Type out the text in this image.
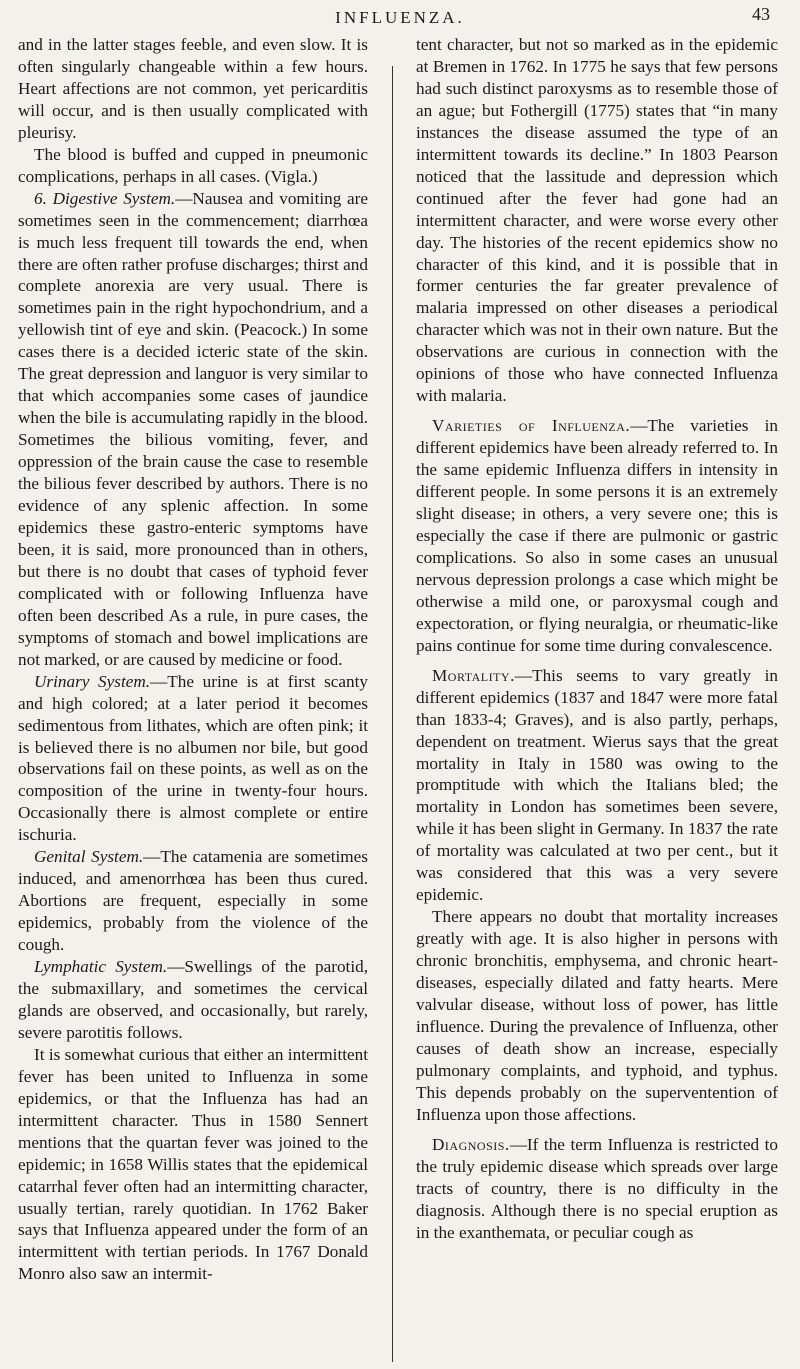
INFLUENZA.	43

and in the latter stages feeble, and even slow. It is often singularly changeable within a few hours. Heart affections are not common, yet pericarditis will occur, and is then usually complicated with pleurisy.

The blood is buffed and cupped in pneumonic complications, perhaps in all cases. (Vigla.)

6. Digestive System.—Nausea and vomiting are sometimes seen in the commencement; diarrhœa is much less frequent till towards the end, when there are often rather profuse discharges; thirst and complete anorexia are very usual. There is sometimes pain in the right hypochondrium, and a yellowish tint of eye and skin. (Peacock.) In some cases there is a decided icteric state of the skin. The great depression and languor is very similar to that which accompanies some cases of jaundice when the bile is accumulating rapidly in the blood. Sometimes the bilious vomiting, fever, and oppression of the brain cause the case to resemble the bilious fever described by authors. There is no evidence of any splenic affection. In some epidemics these gastro-enteric symptoms have been, it is said, more pronounced than in others, but there is no doubt that cases of typhoid fever complicated with or following Influenza have often been described As a rule, in pure cases, the symptoms of stomach and bowel implications are not marked, or are caused by medicine or food.

Urinary System.—The urine is at first scanty and high colored; at a later period it becomes sedimentous from lithates, which are often pink; it is believed there is no albumen nor bile, but good observations fail on these points, as well as on the composition of the urine in twenty-four hours. Occasionally there is almost complete or entire ischuria.

Genital System.—The catamenia are sometimes induced, and amenorrhœa has been thus cured. Abortions are frequent, especially in some epidemics, probably from the violence of the cough.

Lymphatic System.—Swellings of the parotid, the submaxillary, and sometimes the cervical glands are observed, and occasionally, but rarely, severe parotitis follows.

It is somewhat curious that either an intermittent fever has been united to Influenza in some epidemics, or that the Influenza has had an intermittent character. Thus in 1580 Sennert mentions that the quartan fever was joined to the epidemic; in 1658 Willis states that the epidemical catarrhal fever often had an intermitting character, usually tertian, rarely quotidian. In 1762 Baker says that Influenza appeared under the form of an intermittent with tertian periods. In 1767 Donald Monro also saw an intermit-

tent character, but not so marked as in the epidemic at Bremen in 1762. In 1775 he says that few persons had such distinct paroxysms as to resemble those of an ague; but Fothergill (1775) states that “in many instances the disease assumed the type of an intermittent towards its decline.” In 1803 Pearson noticed that the lassitude and depression which continued after the fever had gone had an intermittent character, and were worse every other day. The histories of the recent epidemics show no character of this kind, and it is possible that in former centuries the far greater prevalence of malaria impressed on other diseases a periodical character which was not in their own nature. But the observations are curious in connection with the opinions of those who have connected Influenza with malaria.

Varieties of Influenza.—The varieties in different epidemics have been already referred to. In the same epidemic Influenza differs in intensity in different people. In some persons it is an extremely slight disease; in others, a very severe one; this is especially the case if there are pulmonic or gastric complications. So also in some cases an unusual nervous depression prolongs a case which might be otherwise a mild one, or paroxysmal cough and expectoration, or flying neuralgia, or rheumatic-like pains continue for some time during convalescence.

Mortality.—This seems to vary greatly in different epidemics (1837 and 1847 were more fatal than 1833-4; Graves), and is also partly, perhaps, dependent on treatment. Wierus says that the great mortality in Italy in 1580 was owing to the promptitude with which the Italians bled; the mortality in London has sometimes been severe, while it has been slight in Germany. In 1837 the rate of mortality was calculated at two per cent., but it was considered that this was a very severe epidemic.

There appears no doubt that mortality increases greatly with age. It is also higher in persons with chronic bronchitis, emphysema, and chronic heart-diseases, especially dilated and fatty hearts. Mere valvular disease, without loss of power, has little influence. During the prevalence of Influenza, other causes of death show an increase, especially pulmonary complaints, and typhoid, and typhus. This depends probably on the superventention of Influenza upon those affections.

Diagnosis.—If the term Influenza is restricted to the truly epidemic disease which spreads over large tracts of country, there is no difficulty in the diagnosis. Although there is no special eruption as in the exanthemata, or peculiar cough as
